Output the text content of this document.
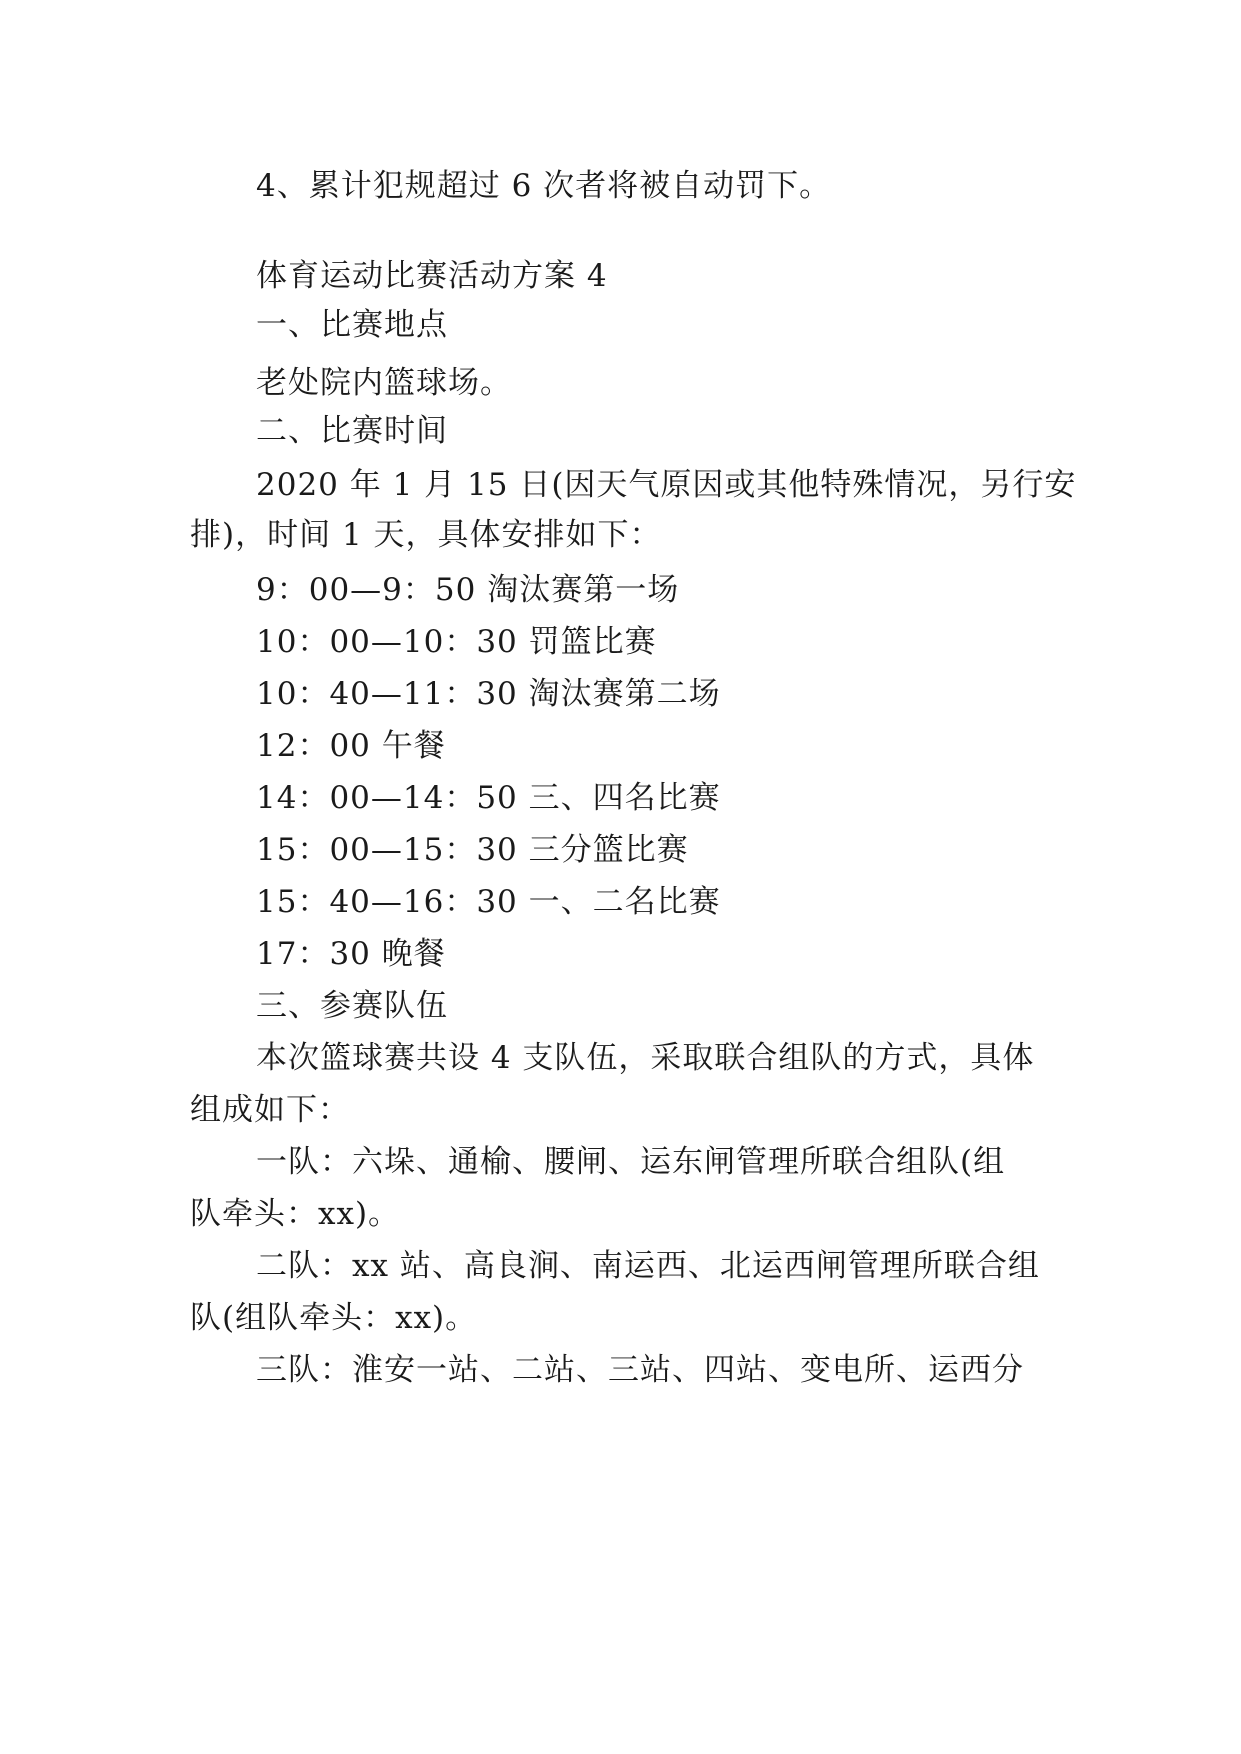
4、累计犯规超过 6 次者将被自动罚下。
体育运动比赛活动方案 4
一、比赛地点
老处院内篮球场。
二、比赛时间
2020 年 1 月 15 日(因天气原因或其他特殊情况，另行安
排)，时间 1 天，具体安排如下：
9：00—9：50 淘汰赛第一场
10：00—10：30 罚篮比赛
10：40—11：30 淘汰赛第二场
12：00 午餐
14：00—14：50 三、四名比赛
15：00—15：30 三分篮比赛
15：40—16：30 一、二名比赛
17：30 晚餐
三、参赛队伍
本次篮球赛共设 4 支队伍，采取联合组队的方式，具体
组成如下：
一队：六垛、通榆、腰闸、运东闸管理所联合组队(组
队牵头：xx)。
二队：xx 站、高良涧、南运西、北运西闸管理所联合组
队(组队牵头：xx)。
三队：淮安一站、二站、三站、四站、变电所、运西分
